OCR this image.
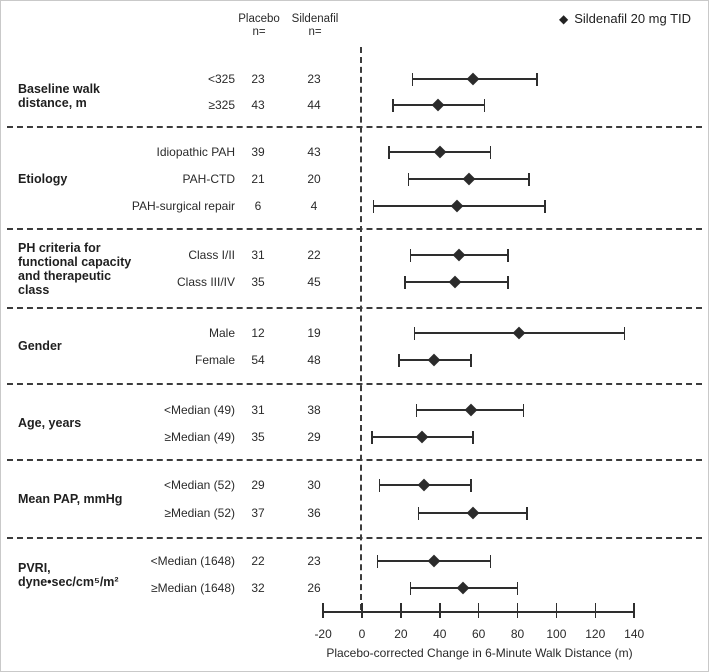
Placebo
n=
Sildenafil
n=
◆ Sildenafil 20 mg TID
Baseline walk
distance, m
<325	23	23
≥325	43	44
Etiology
Idiopathic PAH	39	43
PAH-CTD	21	20
PAH-surgical repair	6	4
PH criteria for
functional capacity
and therapeutic
class
Class I/II	31	22
Class III/IV	35	45
Gender
Male	12	19
Female	54	48
Age, years
<Median (49)	31	38
≥Median (49)	35	29
Mean PAP, mmHg
<Median (52)	29	30
≥Median (52)	37	36
PVRI,
dyne•sec/cm⁵/m²
<Median (1648)	22	23
≥Median (1648)	32	26
-20	0	20	40	60	80	100	120	140
Placebo-corrected Change in 6-Minute Walk Distance (m)
